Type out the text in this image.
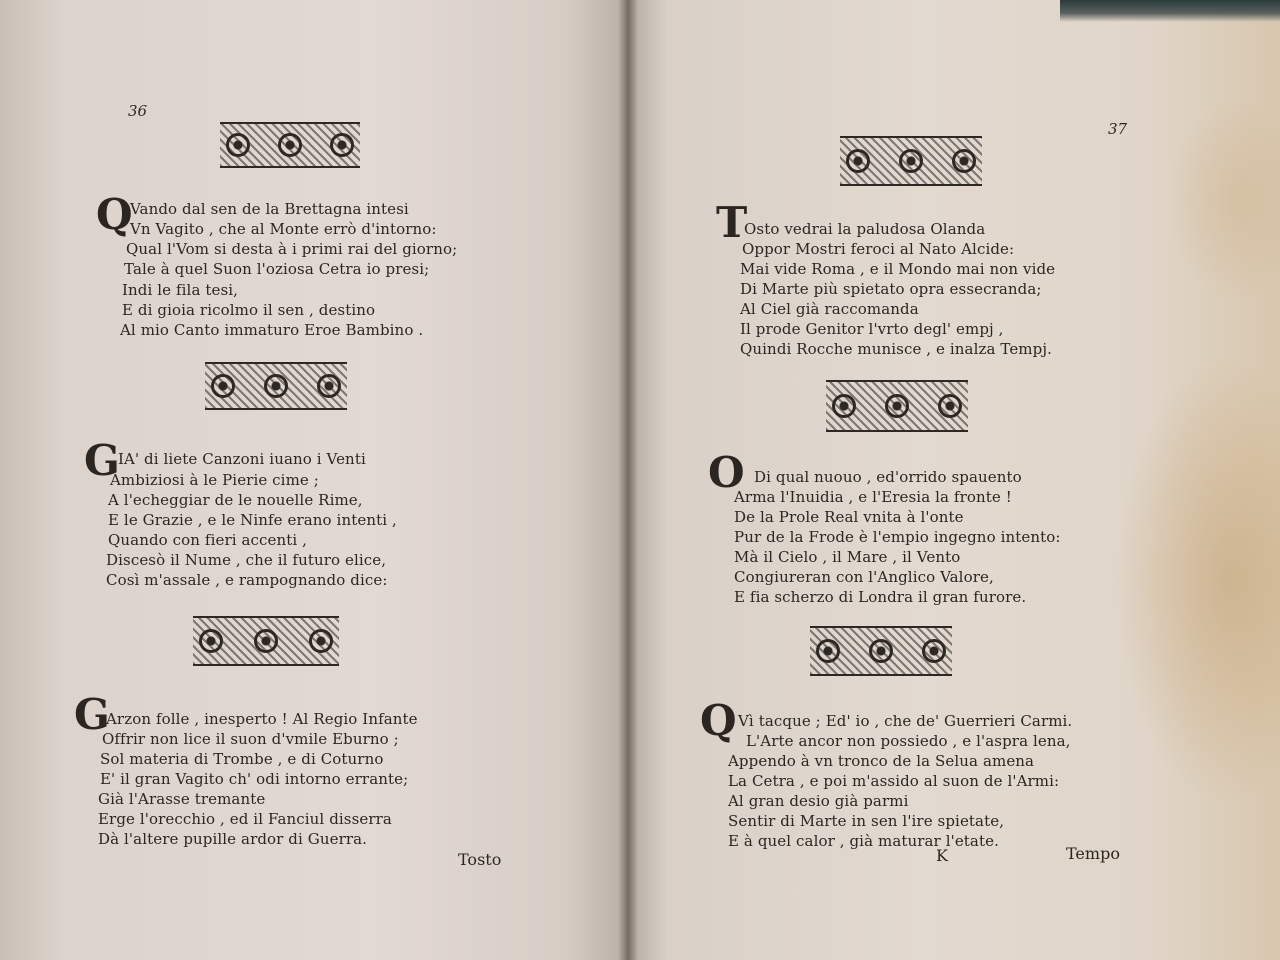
36
Q
Vando dal sen de la Brettagna intesi
Vn Vagito , che al Monte errò d'intorno:
Qual l'Vom si desta à i primi rai del giorno;
Tale à quel Suon l'oziosa Cetra io presi;
Indi le fila tesi,
E di gioia ricolmo il sen , destino
Al mio Canto immaturo Eroe Bambino .
G
IA' di liete Canzoni iuano i Venti
Ambiziosi à le Pierie cime ;
A l'echeggiar de le nouelle Rime,
E le Grazie , e le Ninfe erano intenti ,
Quando con fieri accenti ,
Discesò il Nume , che il futuro elice,
Così m'assale , e rampognando dice:
G
Arzon folle , inesperto ! Al Regio Infante
Offrir non lice il suon d'vmile Eburno ;
Sol materia di Trombe , e di Coturno
E' il gran Vagito ch' odi intorno errante;
Già l'Arasse tremante
Erge l'orecchio , ed il Fanciul disserra
Dà l'altere pupille ardor di Guerra.
Tosto
37
T
Osto vedrai la paludosa Olanda
Oppor Mostri feroci al Nato Alcide:
Mai vide Roma , e il Mondo mai non vide
Di Marte più spietato opra essecranda;
Al Ciel già raccomanda
Il prode Genitor l'vrto degl' empj ,
Quindi Rocche munisce , e inalza Tempj.
O Di qual nuouo , ed'orrido spauento
Arma l'Inuidia , e l'Eresia la fronte !
De la Prole Real vnita à l'onte
Pur de la Frode è l'empio ingegno intento:
Mà il Cielo , il Mare , il Vento
Congiureran con l'Anglico Valore,
E fia scherzo di Londra il gran furore.
Q Vì tacque ; Ed' io , che de' Guerrieri Carmi.
L'Arte ancor non possiedo , e l'aspra lena,
Appendo à vn tronco de la Selua amena
La Cetra , e poi m'assido al suon de l'Armi:
Al gran desio già parmi
Sentir di Marte in sen l'ire spietate,
E à quel calor , già maturar l'etate.
K	Tempo
